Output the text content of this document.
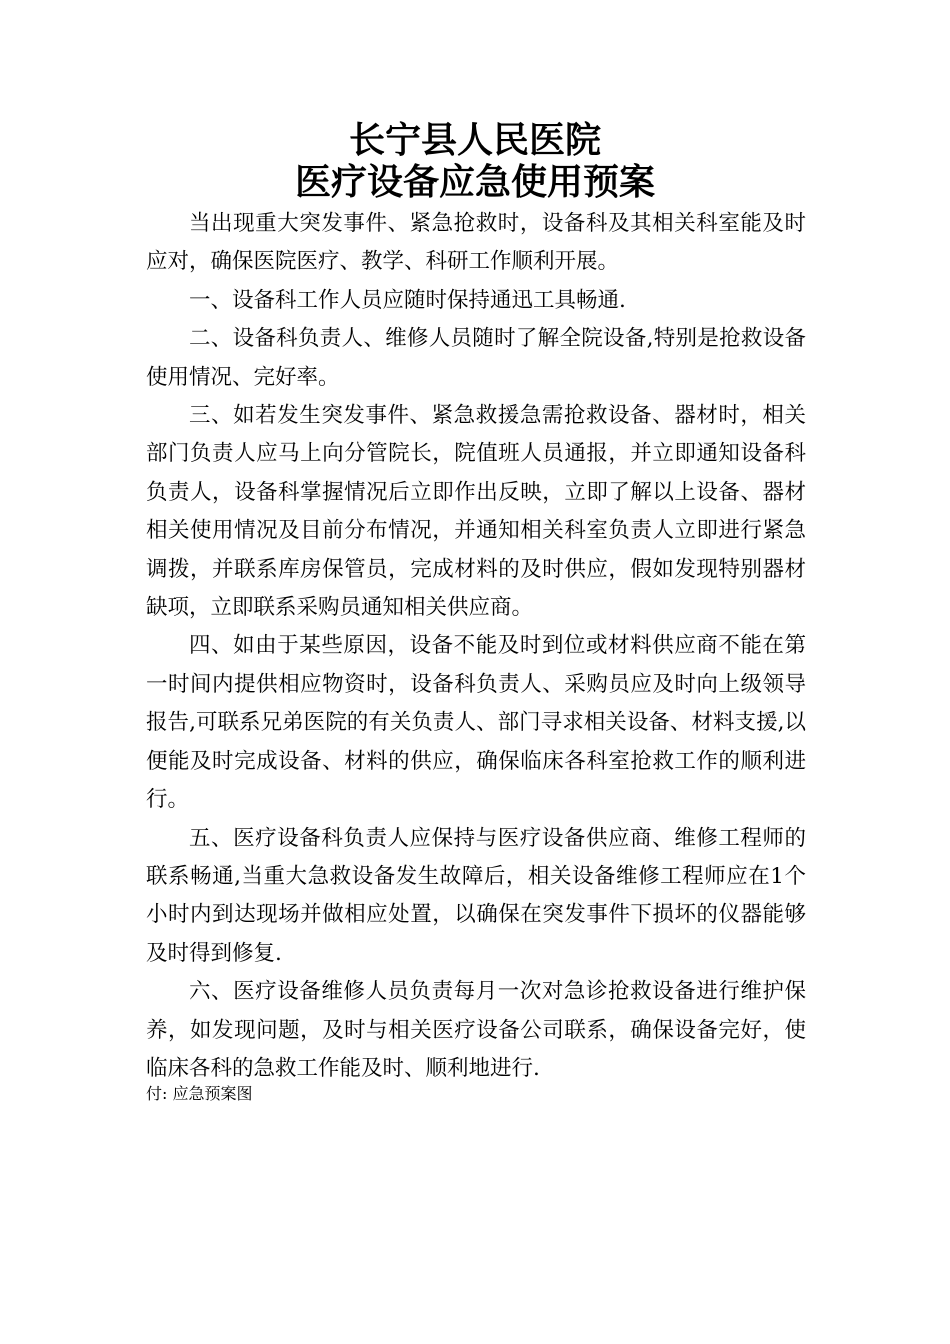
长宁县人民医院
医疗设备应急使用预案

当出现重大突发事件、紧急抢救时，设备科及其相关科室能及时应对，确保医院医疗、教学、科研工作顺利开展。

一、设备科工作人员应随时保持通迅工具畅通.

二、设备科负责人、维修人员随时了解全院设备,特别是抢救设备使用情况、完好率。

三、如若发生突发事件、紧急救援急需抢救设备、器材时，相关部门负责人应马上向分管院长，院值班人员通报，并立即通知设备科负责人，设备科掌握情况后立即作出反映，立即了解以上设备、器材相关使用情况及目前分布情况，并通知相关科室负责人立即进行紧急调拨，并联系库房保管员，完成材料的及时供应，假如发现特别器材缺项，立即联系采购员通知相关供应商。

四、如由于某些原因，设备不能及时到位或材料供应商不能在第一时间内提供相应物资时，设备科负责人、采购员应及时向上级领导报告,可联系兄弟医院的有关负责人、部门寻求相关设备、材料支援,以便能及时完成设备、材料的供应，确保临床各科室抢救工作的顺利进行。

五、医疗设备科负责人应保持与医疗设备供应商、维修工程师的联系畅通,当重大急救设备发生故障后，相关设备维修工程师应在1个小时内到达现场并做相应处置，以确保在突发事件下损坏的仪器能够及时得到修复.

六、医疗设备维修人员负责每月一次对急诊抢救设备进行维护保养，如发现问题，及时与相关医疗设备公司联系，确保设备完好，使临床各科的急救工作能及时、顺利地进行.

付: 应急预案图
